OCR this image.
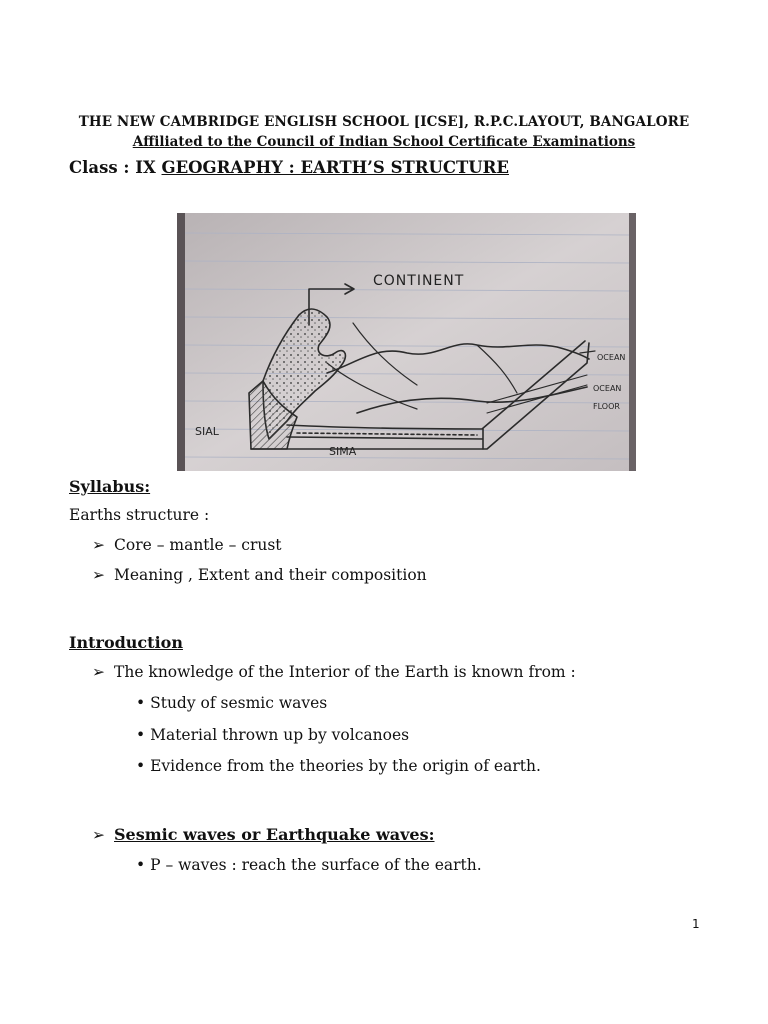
THE NEW CAMBRIDGE ENGLISH SCHOOL [ICSE], R.P.C.LAYOUT, BANGALORE
Affiliated to the Council of Indian School Certificate Examinations
Class : IX GEOGRAPHY : EARTH’S STRUCTURE
CONTINENT
OCEAN
OCEAN
FLOOR
SIAL
SIMA
Syllabus:
Earths structure :
➢ Core – mantle – crust
➢ Meaning , Extent and their composition
Introduction
➢ The knowledge of the Interior of the Earth is known from :
• Study of sesmic waves
• Material thrown up by volcanoes
• Evidence from the theories by the origin of earth.
➢ Sesmic waves or Earthquake waves:
• P – waves : reach the surface of the earth.
1
